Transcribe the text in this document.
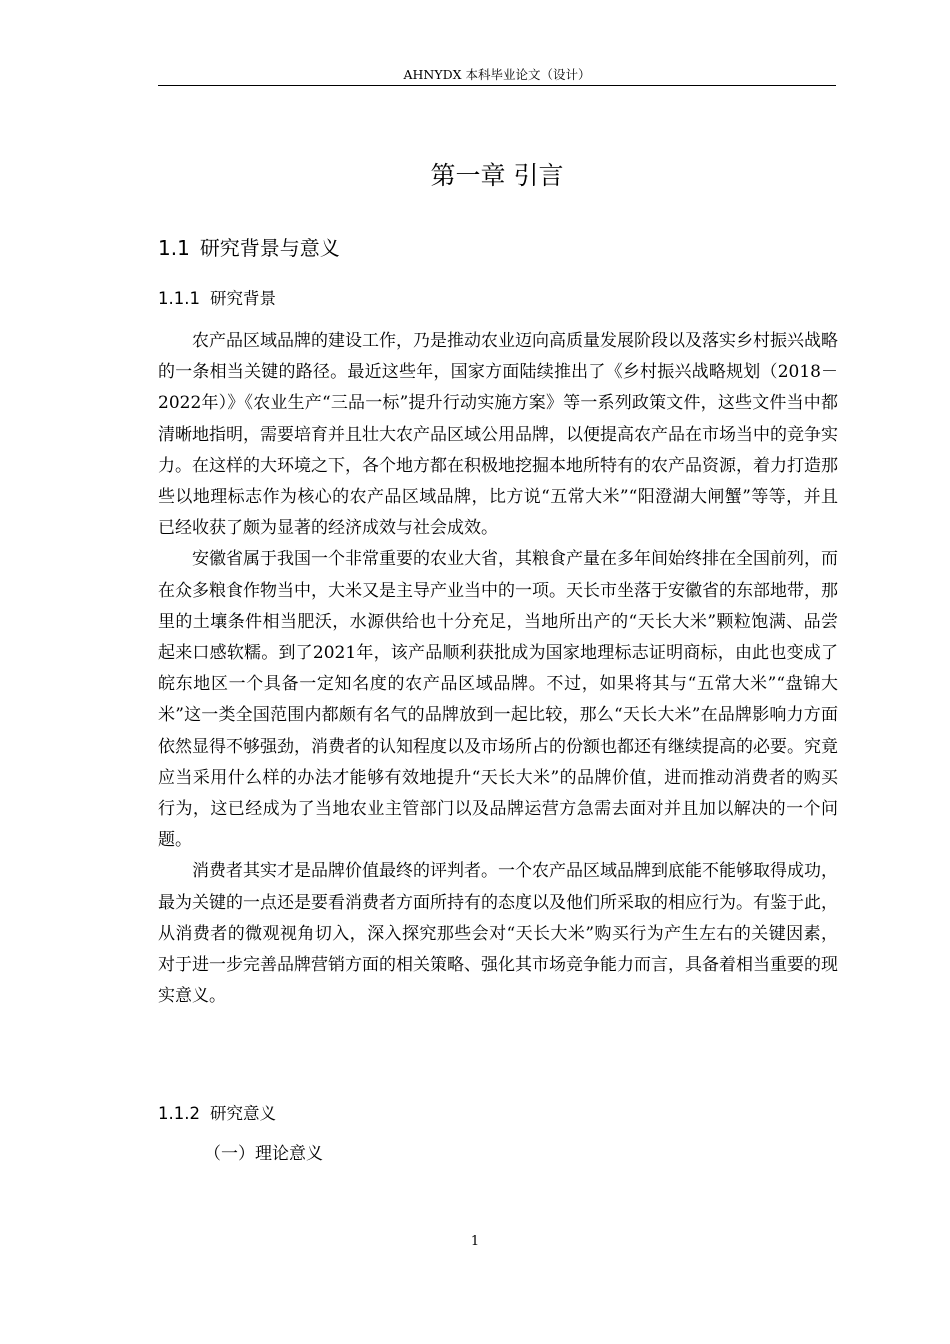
AHNYDX 本科毕业论文（设计）
第一章 引言
1.1 研究背景与意义
1.1.1 研究背景

农产品区域品牌的建设工作，乃是推动农业迈向高质量发展阶段以及落实乡村振兴战略的一条相当关键的路径。最近这些年，国家方面陆续推出了《乡村振兴战略规划（2018－2022年）》《农业生产“三品一标”提升行动实施方案》等一系列政策文件，这些文件当中都清晰地指明，需要培育并且壮大农产品区域公用品牌，以便提高农产品在市场当中的竞争实力。在这样的大环境之下，各个地方都在积极地挖掘本地所特有的农产品资源，着力打造那些以地理标志作为核心的农产品区域品牌，比方说“五常大米”“阳澄湖大闸蟹”等等，并且已经收获了颇为显著的经济成效与社会成效。

安徽省属于我国一个非常重要的农业大省，其粮食产量在多年间始终排在全国前列，而在众多粮食作物当中，大米又是主导产业当中的一项。天长市坐落于安徽省的东部地带，那里的土壤条件相当肥沃，水源供给也十分充足，当地所出产的“天长大米”颗粒饱满、品尝起来口感软糯。到了2021年，该产品顺利获批成为国家地理标志证明商标，由此也变成了皖东地区一个具备一定知名度的农产品区域品牌。不过，如果将其与“五常大米”“盘锦大米”这一类全国范围内都颇有名气的品牌放到一起比较，那么“天长大米”在品牌影响力方面依然显得不够强劲，消费者的认知程度以及市场所占的份额也都还有继续提高的必要。究竟应当采用什么样的办法才能够有效地提升“天长大米”的品牌价值，进而推动消费者的购买行为，这已经成为了当地农业主管部门以及品牌运营方急需去面对并且加以解决的一个问题。

消费者其实才是品牌价值最终的评判者。一个农产品区域品牌到底能不能够取得成功，最为关键的一点还是要看消费者方面所持有的态度以及他们所采取的相应行为。有鉴于此，从消费者的微观视角切入，深入探究那些会对“天长大米”购买行为产生左右的关键因素，对于进一步完善品牌营销方面的相关策略、强化其市场竞争能力而言，具备着相当重要的现实意义。

1.1.2 研究意义
（一）理论意义
1
